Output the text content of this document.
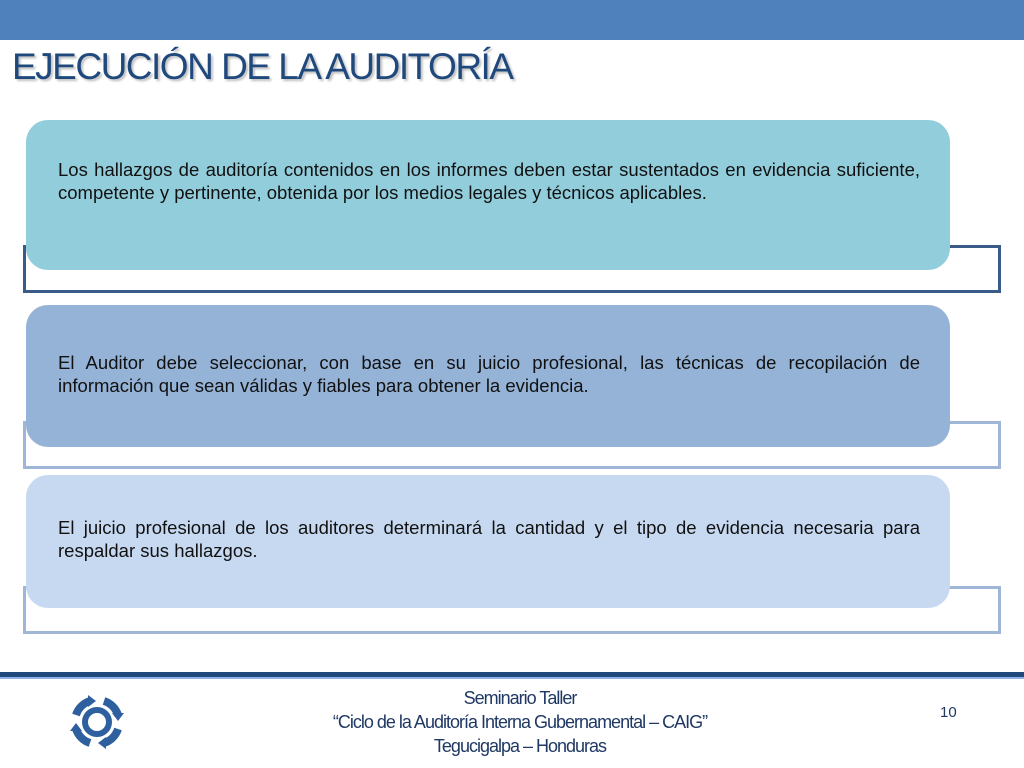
EJECUCIÓN DE LA AUDITORÍA

Los hallazgos de auditoría contenidos en los informes deben estar sustentados en evidencia suficiente, competente y pertinente, obtenida por los medios legales y técnicos aplicables.

El Auditor debe seleccionar, con base en su juicio profesional, las técnicas de recopilación de información que sean válidas y fiables para obtener la evidencia.

El juicio profesional de los auditores determinará la cantidad y el tipo de evidencia necesaria para respaldar sus hallazgos.

Seminario Taller
“Ciclo de la Auditoría Interna Gubernamental – CAIG”
Tegucigalpa – Honduras
10
